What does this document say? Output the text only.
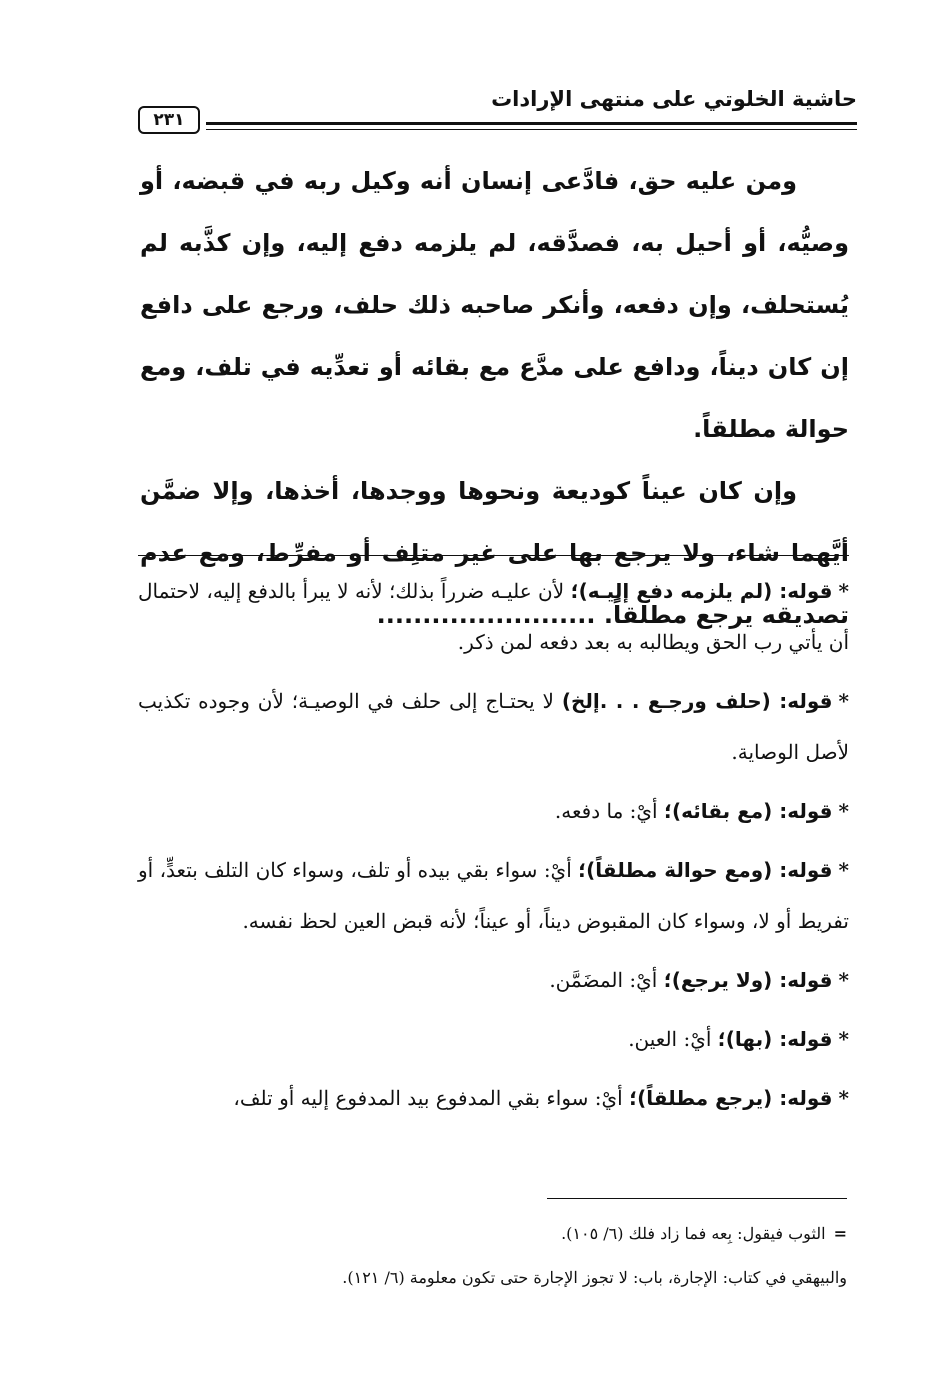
حاشية الخلوتي على منتهى الإرادات
٢٣١

ومن عليه حق، فادَّعى إنسان أنه وكيل ربه في قبضه، أو وصيُّه، أو أحيل به، فصدَّقه، لم يلزمه دفع إليه، وإن كذَّبه لم يُستحلف، وإن دفعه، وأنكر صاحبه ذلك حلف، ورجع على دافع إن كان ديناً، ودافع على مدَّع مع بقائه أو تعدِّيه في تلف، ومع حوالة مطلقاً.

وإن كان عيناً كوديعة ونحوها ووجدها، أخذها، وإلا ضمَّن أيَّهما شاء، ولا يرجع بها على غير متلِف أو مفرِّط، ومع عدم تصديقه يرجع مطلقاً. ........................

*قوله: (لم يلزمه دفع إليـه)؛ لأن عليـه ضرراً بذلك؛ لأنه لا يبرأ بالدفع إليه، لاحتمال أن يأتي رب الحق ويطالبه به بعد دفعه لمن ذكر.

*قوله: (حلف ورجـع . . .إلخ) لا يحتـاج إلى حلف في الوصيـة؛ لأن وجوده تكذيب لأصل الوصاية.

*قوله: (مع بقائه)؛ أيْ: ما دفعه.

*قوله: (ومع حوالة مطلقاً)؛ أيْ: سواء بقي بيده أو تلف، وسواء كان التلف بتعدٍّ، أو تفريط أو لا، وسواء كان المقبوض ديناً، أو عيناً؛ لأنه قبض العين لحظ نفسه.

*قوله: (ولا يرجع)؛ أيْ: المضَمَّن.

*قوله: (بها)؛ أيْ: العين.

*قوله: (يرجع مطلقاً)؛ أيْ: سواء بقي المدفوع بيد المدفوع إليه أو تلف،

=الثوب فيقول: بِعه فما زاد فلك (٦/ ١٠٥).

والبيهقي في كتاب: الإجارة، باب: لا تجوز الإجارة حتى تكون معلومة (٦/ ١٢١).
